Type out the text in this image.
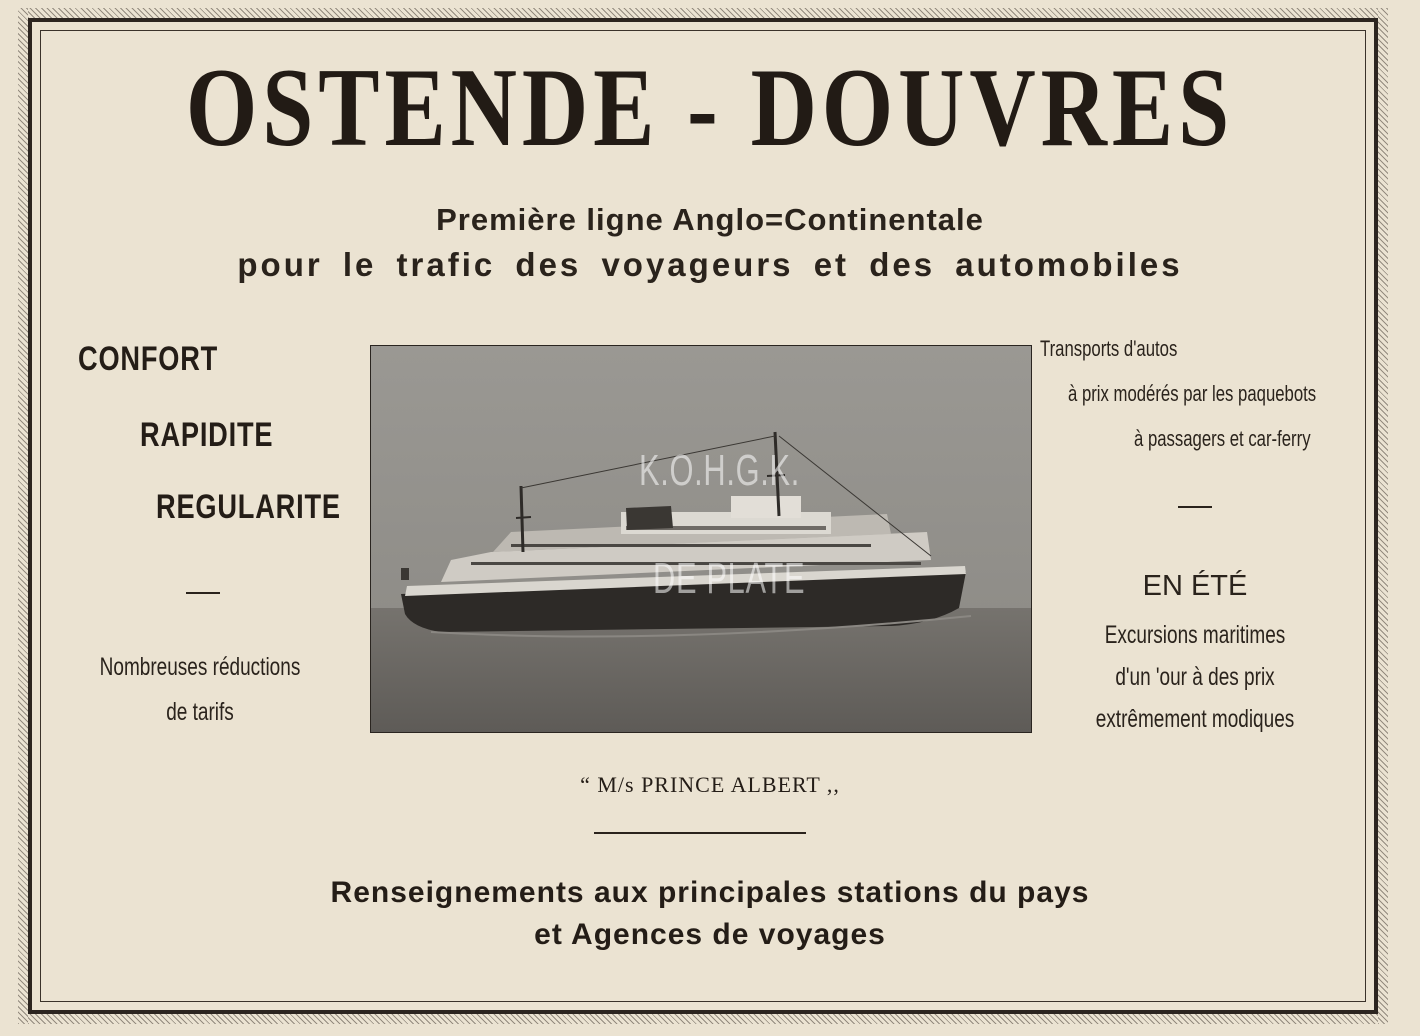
OSTENDE - DOUVRES
Première ligne Anglo=Continentale
pour le trafic des voyageurs et des automobiles
CONFORT
RAPIDITE
REGULARITE
Nombreuses réductions
de tarifs
K.O.H.G.K.
DE PLATE
Transports d'autos
à prix modérés par les paquebots
à passagers et car-ferry
EN ÉTÉ
Excursions maritimes
d'un 'our à des prix
extrêmement modiques
“ M/s PRINCE ALBERT ,,
Renseignements aux principales stations du pays
et Agences de voyages
